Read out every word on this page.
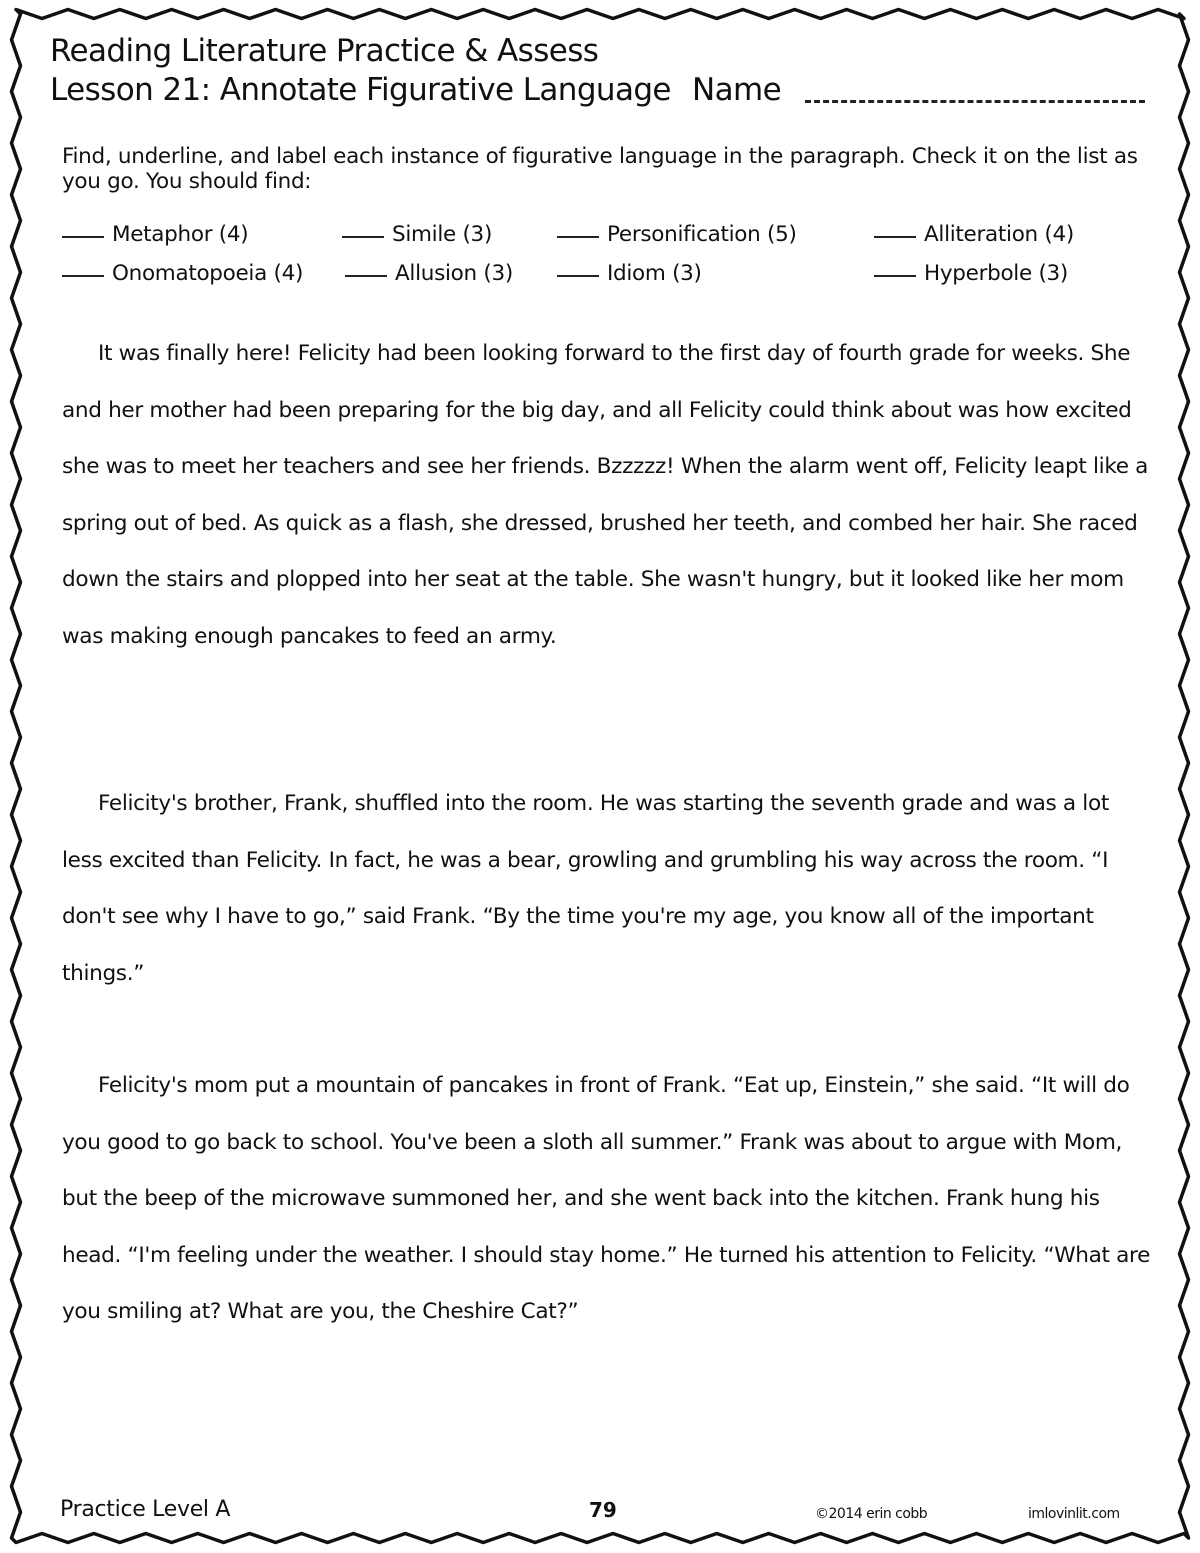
Reading Literature Practice & Assess
Lesson 21: Annotate Figurative Language Name

Find, underline, and label each instance of figurative language in the paragraph. Check it on the list as you go. You should find:

Metaphor (4)	Simile (3)	Personification (5)	Alliteration (4)
Onomatopoeia (4)	Allusion (3)	Idiom (3)	Hyperbole (3)

It was finally here! Felicity had been looking forward to the first day of fourth grade for weeks. She and her mother had been preparing for the big day, and all Felicity could think about was how excited she was to meet her teachers and see her friends. Bzzzzz! When the alarm went off, Felicity leapt like a spring out of bed. As quick as a flash, she dressed, brushed her teeth, and combed her hair. She raced down the stairs and plopped into her seat at the table. She wasn't hungry, but it looked like her mom was making enough pancakes to feed an army.

Felicity's brother, Frank, shuffled into the room. He was starting the seventh grade and was a lot less excited than Felicity. In fact, he was a bear, growling and grumbling his way across the room. “I don't see why I have to go,” said Frank. “By the time you're my age, you know all of the important things.”

Felicity's mom put a mountain of pancakes in front of Frank. “Eat up, Einstein,” she said. “It will do you good to go back to school. You've been a sloth all summer.” Frank was about to argue with Mom, but the beep of the microwave summoned her, and she went back into the kitchen. Frank hung his head. “I'm feeling under the weather. I should stay home.” He turned his attention to Felicity. “What are you smiling at? What are you, the Cheshire Cat?”

Practice Level A	79	©2014 erin cobb	imlovinlit.com
